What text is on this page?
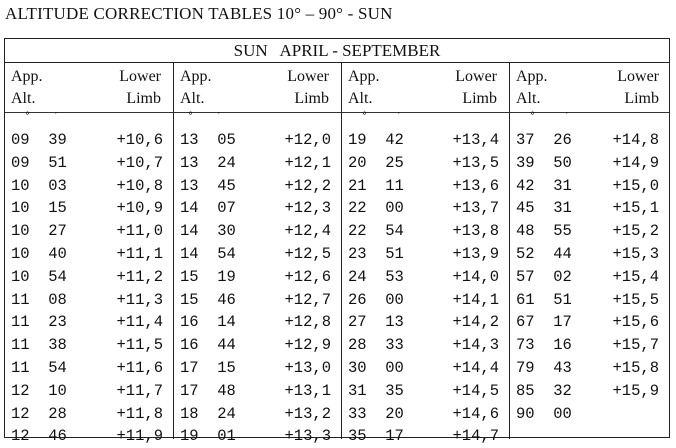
ALTITUDE CORRECTION TABLES 10° – 90° - SUN
SUN   APRIL - SEPTEMBER
App.
Alt.
Lower
Limb
°	′
09  39	+10,6
09  51	+10,7
10  03	+10,8
10  15	+10,9
10  27	+11,0
10  40	+11,1
10  54	+11,2
11  08	+11,3
11  23	+11,4
11  38	+11,5
11  54	+11,6
12  10	+11,7
12  28	+11,8
12  46	+11,9
App.
Alt.
Lower
Limb
°	′
13  05	+12,0
13  24	+12,1
13  45	+12,2
14  07	+12,3
14  30	+12,4
14  54	+12,5
15  19	+12,6
15  46	+12,7
16  14	+12,8
16  44	+12,9
17  15	+13,0
17  48	+13,1
18  24	+13,2
19  01	+13,3
App.
Alt.
Lower
Limb
°	′
19  42	+13,4
20  25	+13,5
21  11	+13,6
22  00	+13,7
22  54	+13,8
23  51	+13,9
24  53	+14,0
26  00	+14,1
27  13	+14,2
28  33	+14,3
30  00	+14,4
31  35	+14,5
33  20	+14,6
35  17	+14,7
App.
Alt.
Lower
Limb
°	′
37  26	+14,8
39  50	+14,9
42  31	+15,0
45  31	+15,1
48  55	+15,2
52  44	+15,3
57  02	+15,4
61  51	+15,5
67  17	+15,6
73  16	+15,7
79  43	+15,8
85  32	+15,9
90  00
